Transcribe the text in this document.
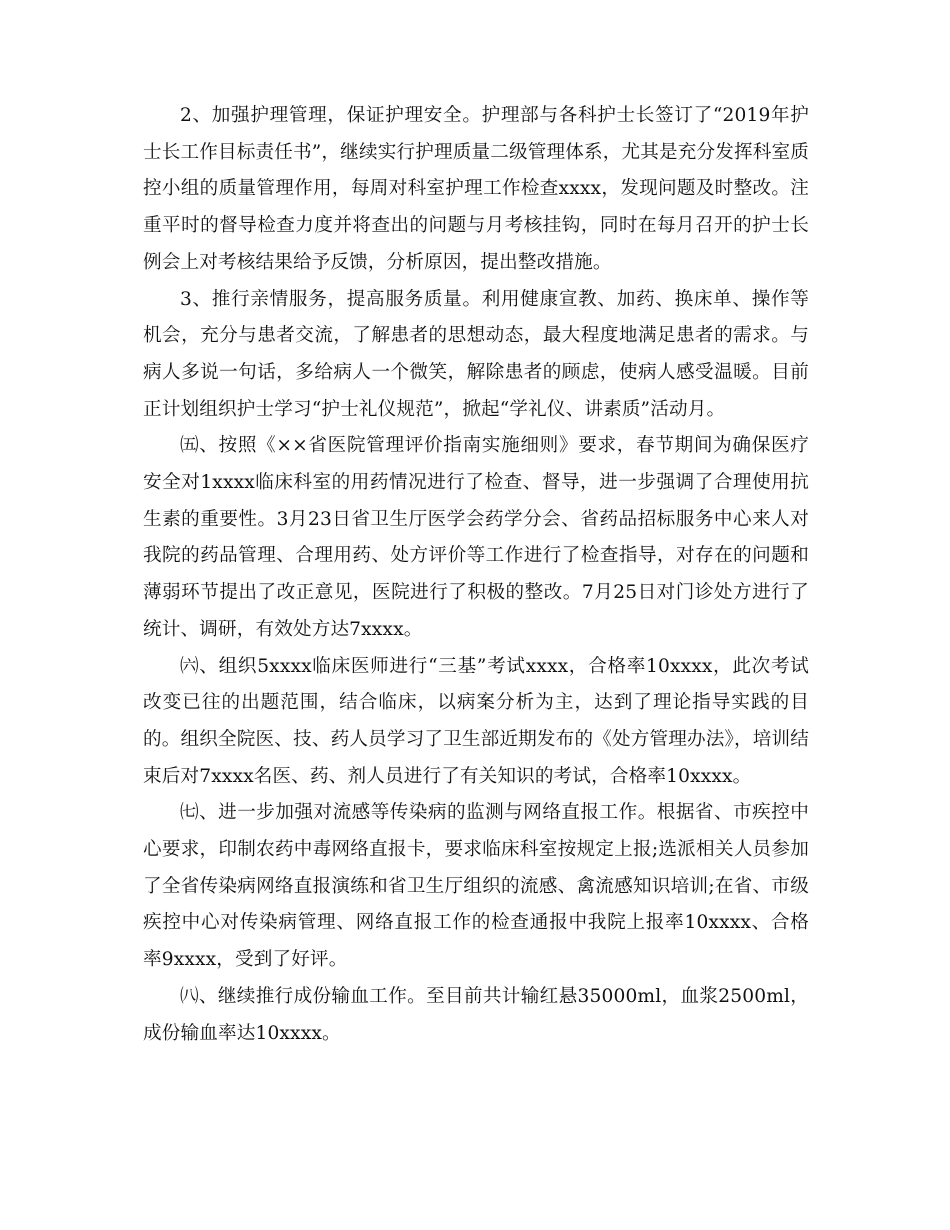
2、加强护理管理，保证护理安全。护理部与各科护士长签订了“2019年护士长工作目标责任书”，继续实行护理质量二级管理体系，尤其是充分发挥科室质控小组的质量管理作用，每周对科室护理工作检查xxxx，发现问题及时整改。注重平时的督导检查力度并将查出的问题与月考核挂钩，同时在每月召开的护士长例会上对考核结果给予反馈，分析原因，提出整改措施。

3、推行亲情服务，提高服务质量。利用健康宣教、加药、换床单、操作等机会，充分与患者交流，了解患者的思想动态，最大程度地满足患者的需求。与病人多说一句话，多给病人一个微笑，解除患者的顾虑，使病人感受温暖。目前正计划组织护士学习“护士礼仪规范”，掀起“学礼仪、讲素质”活动月。

㈤、按照《××省医院管理评价指南实施细则》要求，春节期间为确保医疗安全对1xxxx临床科室的用药情况进行了检查、督导，进一步强调了合理使用抗生素的重要性。3月23日省卫生厅医学会药学分会、省药品招标服务中心来人对我院的药品管理、合理用药、处方评价等工作进行了检查指导，对存在的问题和薄弱环节提出了改正意见，医院进行了积极的整改。7月25日对门诊处方进行了统计、调研，有效处方达7xxxx。

㈥、组织5xxxx临床医师进行“三基”考试xxxx，合格率10xxxx，此次考试改变已往的出题范围，结合临床，以病案分析为主，达到了理论指导实践的目的。组织全院医、技、药人员学习了卫生部近期发布的《处方管理办法》，培训结束后对7xxxx名医、药、剂人员进行了有关知识的考试，合格率10xxxx。

㈦、进一步加强对流感等传染病的监测与网络直报工作。根据省、市疾控中心要求，印制农药中毒网络直报卡，要求临床科室按规定上报;选派相关人员参加了全省传染病网络直报演练和省卫生厅组织的流感、禽流感知识培训;在省、市级疾控中心对传染病管理、网络直报工作的检查通报中我院上报率10xxxx、合格率9xxxx，受到了好评。

㈧、继续推行成份输血工作。至目前共计输红悬35000ml，血浆2500ml，成份输血率达10xxxx。
